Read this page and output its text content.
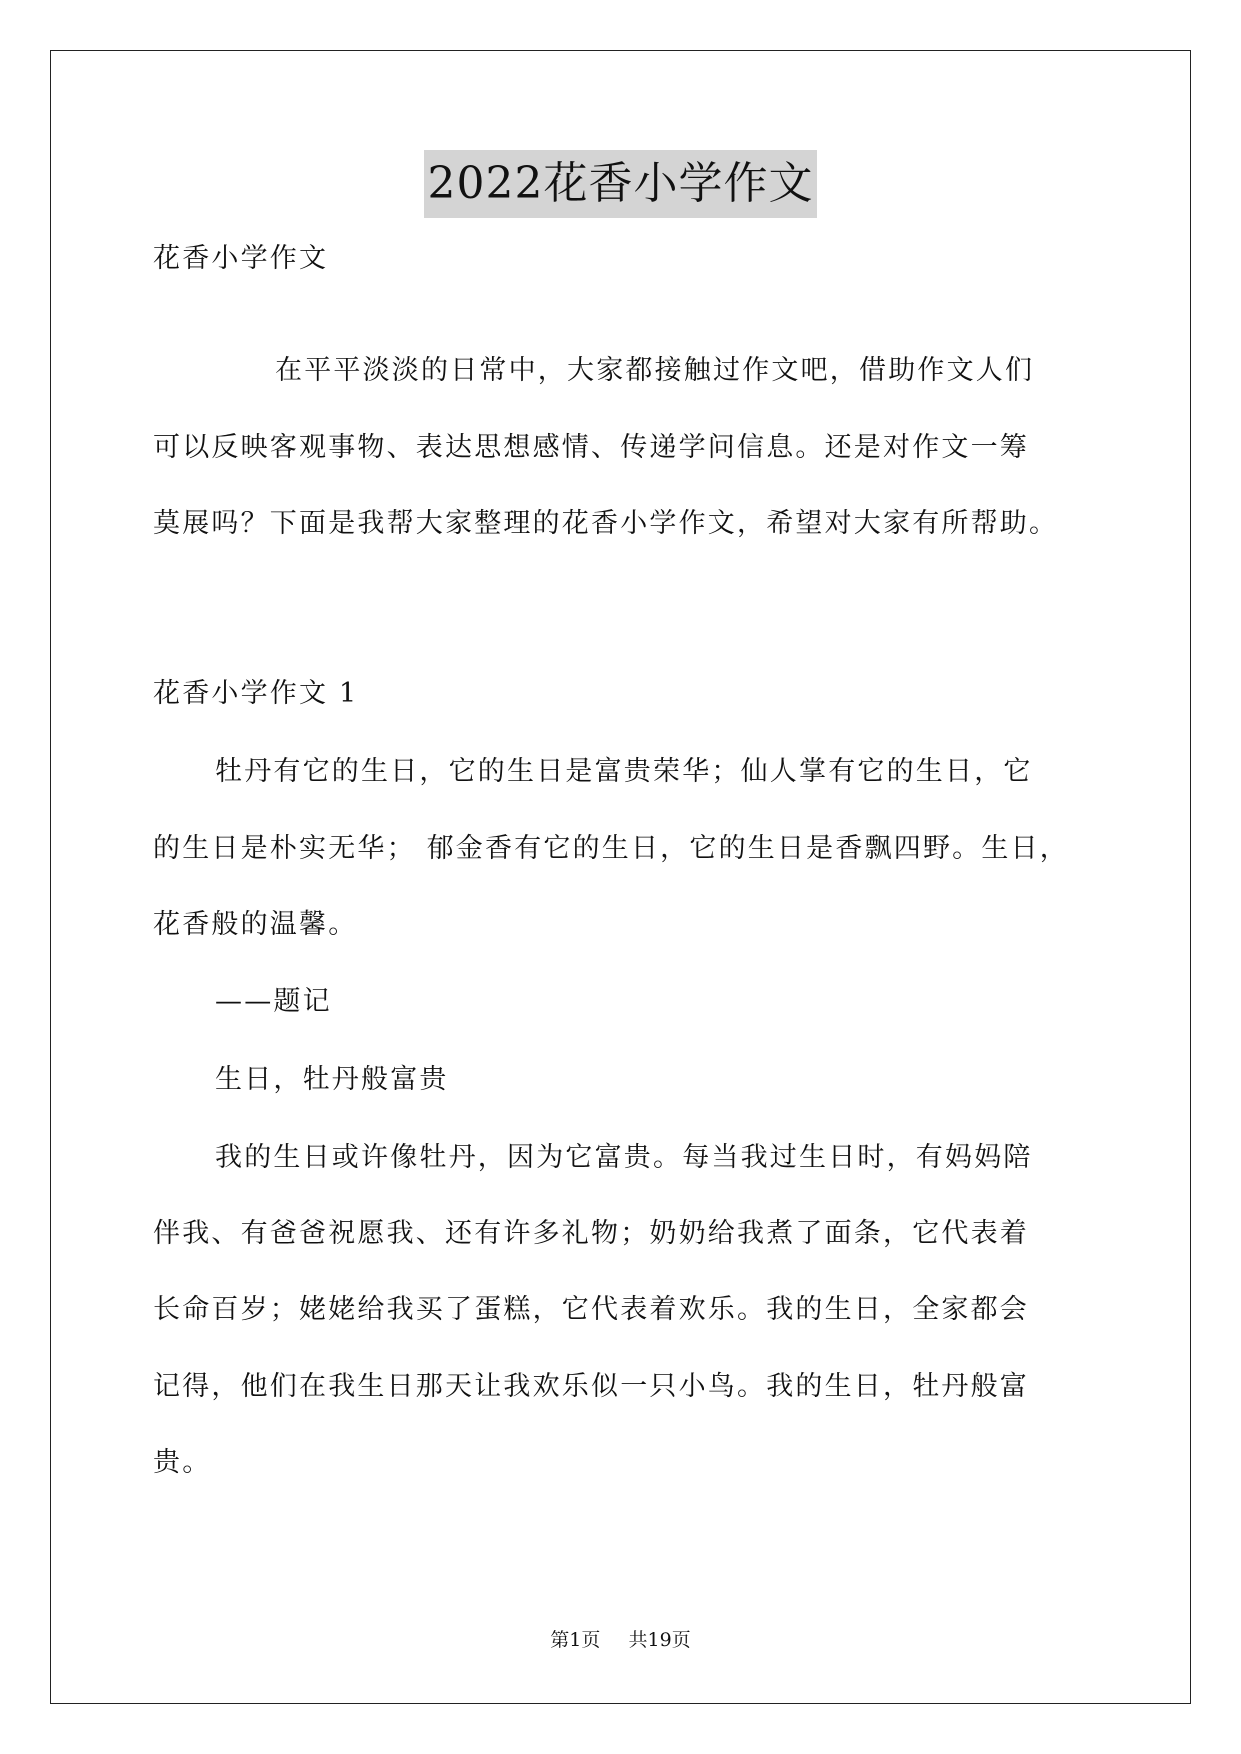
2022花香小学作文
花香小学作文
在平平淡淡的日常中，大家都接触过作文吧，借助作文人们
可以反映客观事物、表达思想感情、传递学问信息。还是对作文一筹
莫展吗？下面是我帮大家整理的花香小学作文，希望对大家有所帮助。
花香小学作文 1
牡丹有它的生日，它的生日是富贵荣华；仙人掌有它的生日，它
的生日是朴实无华； 郁金香有它的生日，它的生日是香飘四野。生日，
花香般的温馨。
——题记
生日，牡丹般富贵
我的生日或许像牡丹，因为它富贵。每当我过生日时，有妈妈陪
伴我、有爸爸祝愿我、还有许多礼物；奶奶给我煮了面条，它代表着
长命百岁；姥姥给我买了蛋糕，它代表着欢乐。我的生日，全家都会
记得，他们在我生日那天让我欢乐似一只小鸟。我的生日，牡丹般富
贵。
第1页 共19页
